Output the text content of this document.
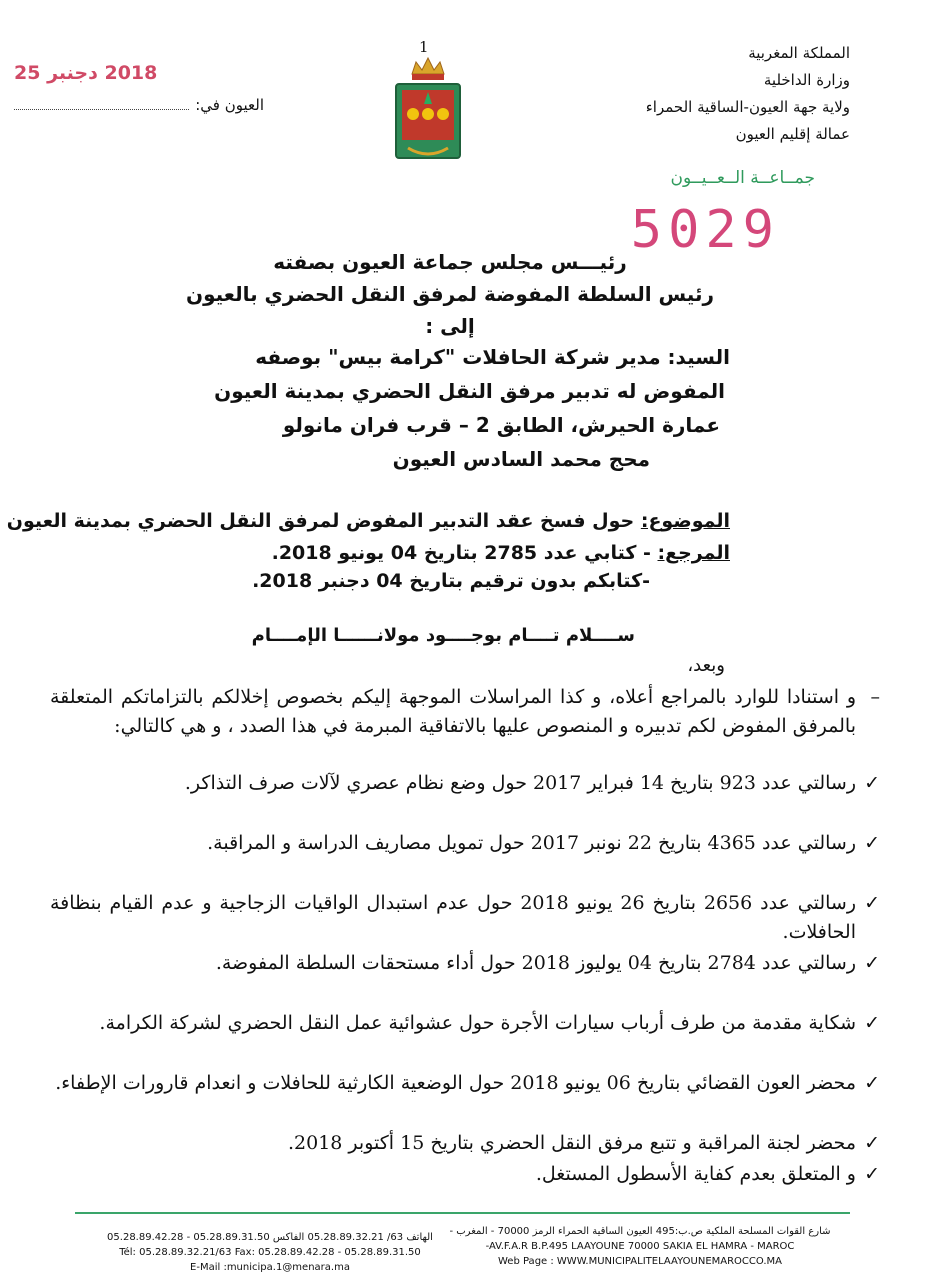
المملكة المغربية
وزارة الداخلية
ولاية جهة العيون-الساقية الحمراء
عمالة إقليم العيون
جمــاعــة الــعــيــون
5029
2018 دجنبر 25
العيون في:
1
رئيـــس مجلس جماعة العيون بصفته
رئيس السلطة المفوضة لمرفق النقل الحضري بالعيون
إلى :
السيد: مدير شركة الحافلات "كرامة بيس" بوصفه
المفوض له تدبير مرفق النقل الحضري بمدينة العيون
عمارة الحيرش، الطابق 2 – قرب فران مانولو
محج محمد السادس العيون
الموضوع: حول فسخ عقد التدبير المفوض لمرفق النقل الحضري بمدينة العيون
المرجع: - كتابي عدد 2785 بتاريخ 04 يونيو 2018.
-كتابكم بدون ترقيم بتاريخ 04 دجنبر 2018.
ســــلام تــــام بوجــــود مولانــــــا الإمــــام
وبعد،
–
و استنادا للوارد بالمراجع أعلاه، و كذا المراسلات الموجهة إليكم بخصوص إخلالكم بالتزاماتكم المتعلقة بالمرفق المفوض لكم تدبيره و المنصوص عليها بالاتفاقية المبرمة في هذا الصدد ، و هي كالتالي:
✓
رسالتي عدد 923 بتاريخ 14 فبراير 2017 حول وضع نظام عصري لآلات صرف التذاكر.
✓
رسالتي عدد 4365 بتاريخ 22 نونبر 2017 حول تمويل مصاريف الدراسة و المراقبة.
✓
رسالتي عدد 2656 بتاريخ 26 يونيو 2018 حول عدم استبدال الواقيات الزجاجية و عدم القيام بنظافة الحافلات.
✓
رسالتي عدد 2784 بتاريخ 04 يوليوز 2018 حول أداء مستحقات السلطة المفوضة.
✓
شكاية مقدمة من طرف أرباب سيارات الأجرة حول عشوائية عمل النقل الحضري لشركة الكرامة.
✓
محضر العون القضائي بتاريخ 06 يونيو 2018 حول الوضعية الكارثية للحافلات و انعدام قارورات الإطفاء.
✓
محضر لجنة المراقبة و تتبع مرفق النقل الحضري بتاريخ 15 أكتوبر 2018.
✓
و المتعلق بعدم كفاية الأسطول المستغل.
شارع القوات المسلحة الملكية ص.ب:495 العيون الساقية الحمراء الرمز 70000 - المغرب -
-AV.F.A.R B.P.495 LAAYOUNE 70000 SAKIA EL HAMRA - MAROC
Web Page : WWW.MUNICIPALITELAAYOUNEMAROCCO.MA
الهاتف 63/ 05.28.89.32.21 الفاكس 05.28.89.31.50 - 05.28.89.42.28
Tél: 05.28.89.32.21/63 Fax: 05.28.89.42.28 - 05.28.89.31.50
E-Mail :municipa.1@menara.ma
